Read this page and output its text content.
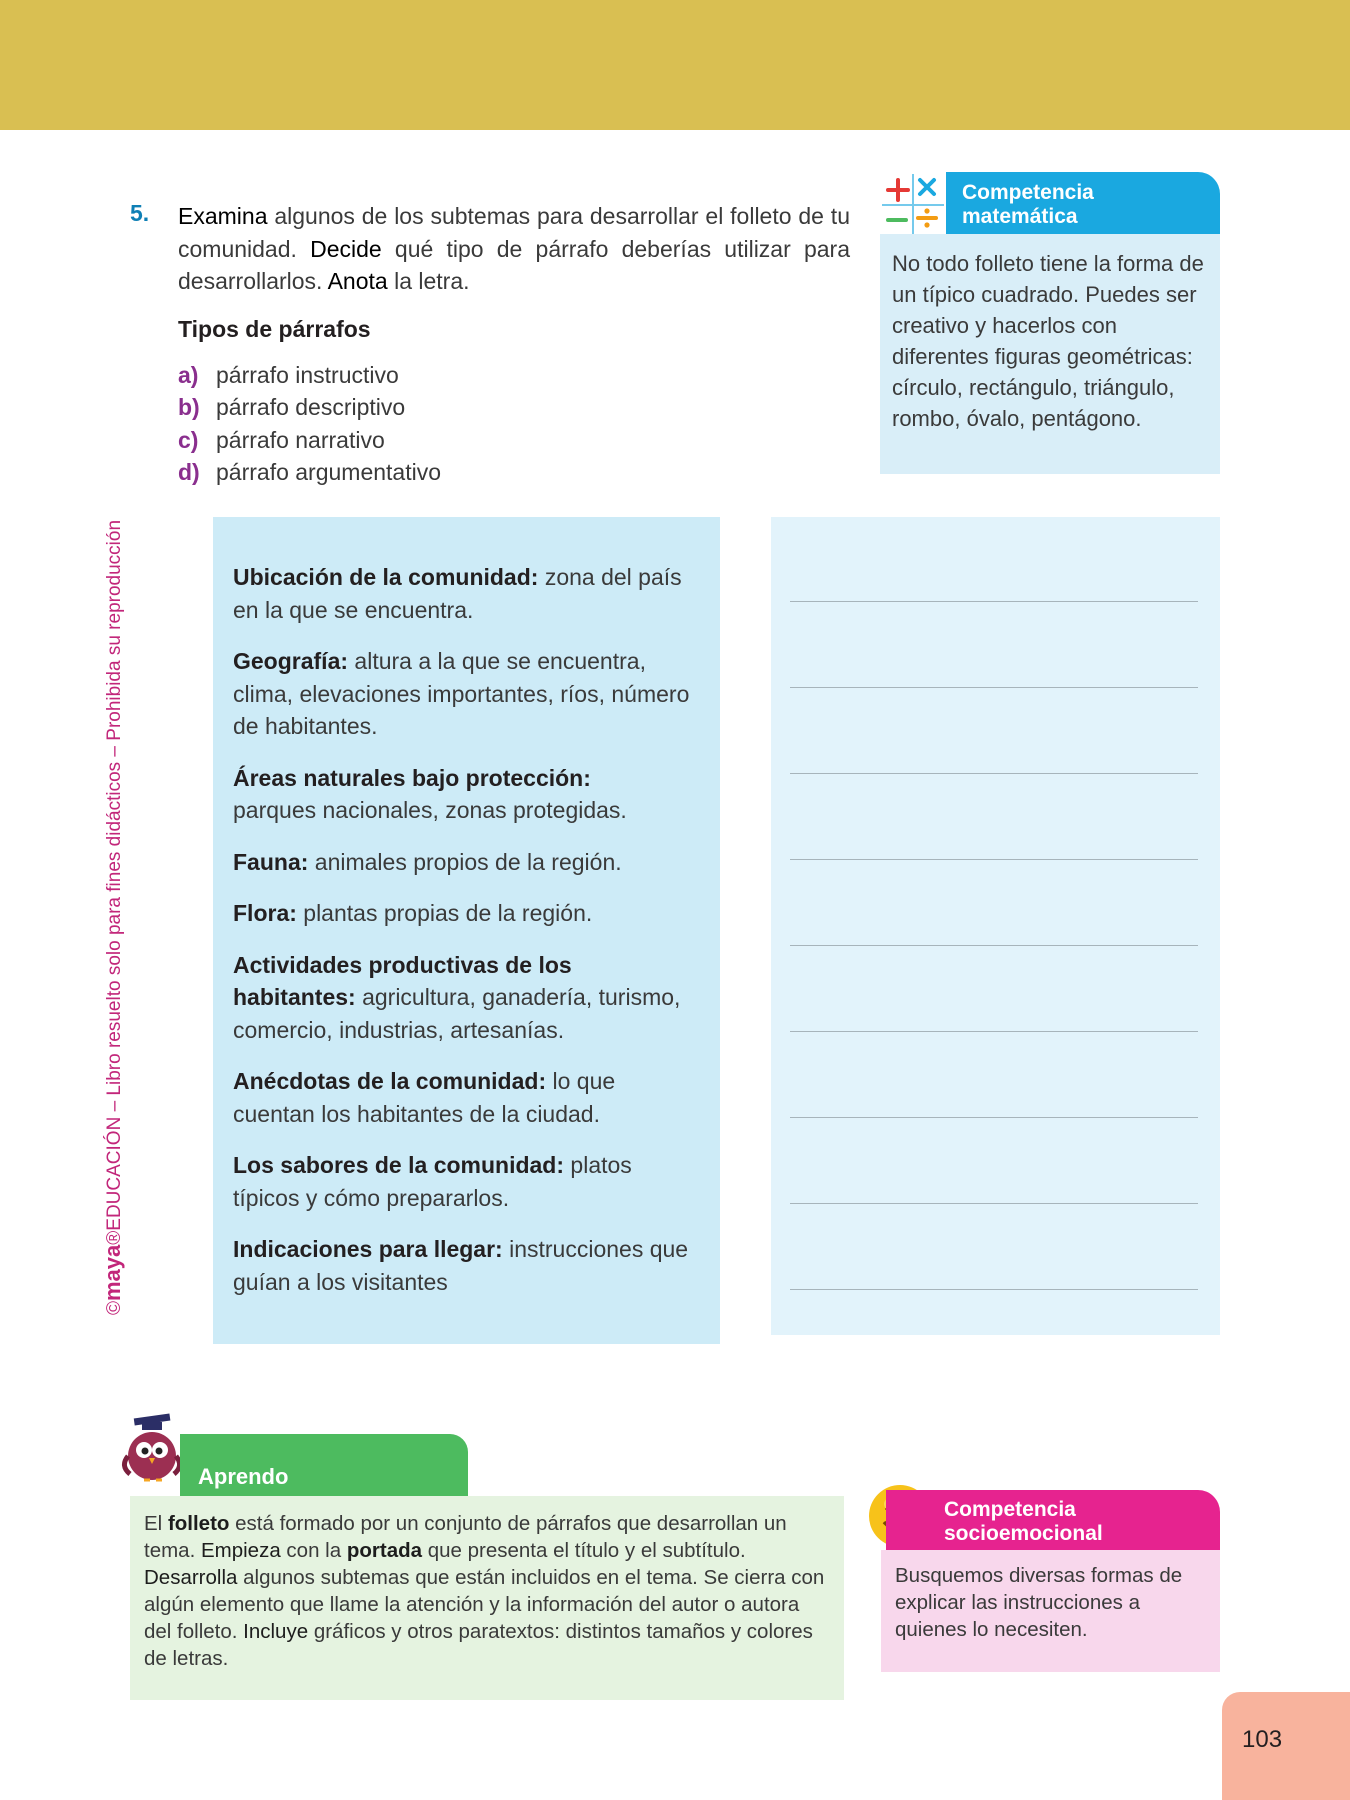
©maya®EDUCACIÓN – Libro resuelto solo para fines didácticos – Prohibida su reproducción
5. Examina algunos de los subtemas para desarrollar el folleto de tu comunidad. Decide qué tipo de párrafo deberías utilizar para desarrollarlos. Anota la letra.

Tipos de párrafos
a) párrafo instructivo
b) párrafo descriptivo
c) párrafo narrativo
d) párrafo argumentativo
Competencia
matemática
No todo folleto tiene la forma de un típico cuadrado. Puedes ser creativo y hacerlos con diferentes figuras geométricas: círculo, rectángulo, triángulo, rombo, óvalo, pentágono.
Ubicación de la comunidad: zona del país en la que se encuentra.
Geografía: altura a la que se encuentra, clima, elevaciones importantes, ríos, número de habitantes.
Áreas naturales bajo protección:
parques nacionales, zonas protegidas.
Fauna: animales propios de la región.
Flora: plantas propias de la región.
Actividades productivas de los habitantes: agricultura, ganadería, turismo, comercio, industrias, artesanías.
Anécdotas de la comunidad: lo que cuentan los habitantes de la ciudad.
Los sabores de la comunidad: platos típicos y cómo prepararlos.
Indicaciones para llegar: instrucciones que guían a los visitantes
Aprendo
El folleto está formado por un conjunto de párrafos que desarrollan un tema. Empieza con la portada que presenta el título y el subtítulo. Desarrolla algunos subtemas que están incluidos en el tema. Se cierra con algún elemento que llame la atención y la información del autor o autora del folleto. Incluye gráficos y otros paratextos: distintos tamaños y colores de letras.
Competencia
socioemocional
Busquemos diversas formas de explicar las instrucciones a quienes lo necesiten.
103
